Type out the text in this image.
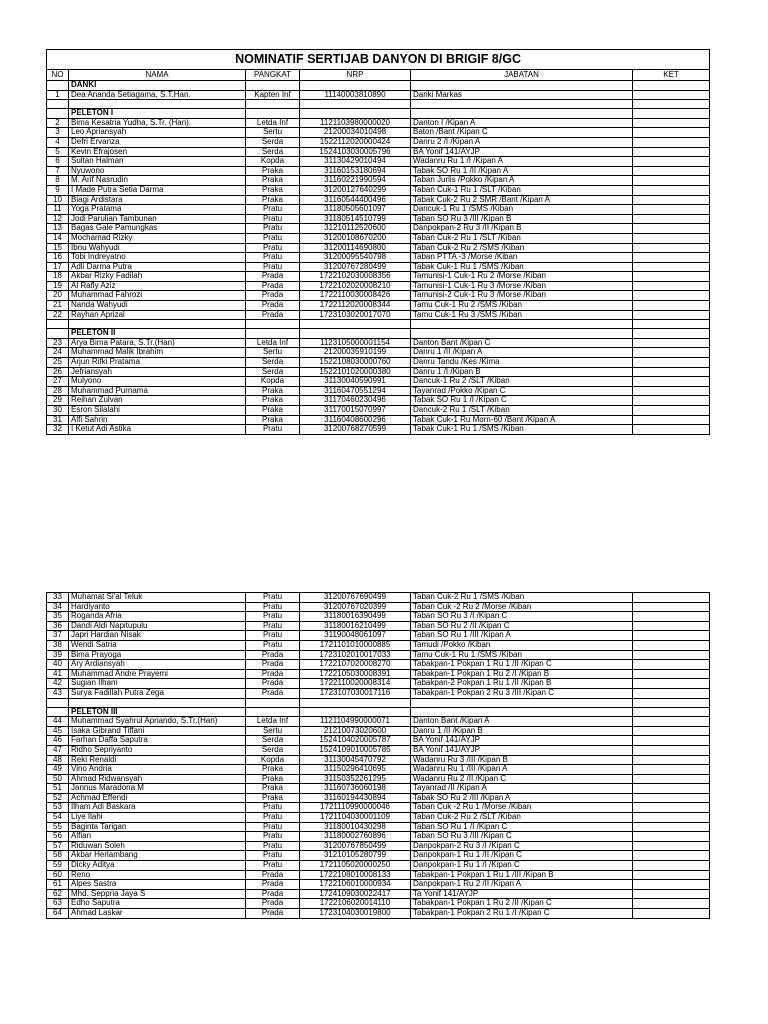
NOMINATIF SERTIJAB DANYON DI BRIGIF 8/GC					
NO	NAMA	PANGKAT	NRP	JABATAN	KET
	DANKI				
1	Dea Ananda Setiagama, S.T.Han.	Kapten Inf	11140003810890	Danki Markas	

	PELETON I				
2	Bima Kesatria Yudha, S.Tr. (Han).	Letda Inf	1121103980000020	Danton I /Kipan A	
3	Leo Apriansyah	Sertu	21200034010498	Baton /Bant /Kipan C	
4	Defri Ervanza	Serda	1522112020000424	Danru 2 /I /Kipan A	
5	Kevin Efrajosen	Serda	1524103030005796	BA Yonif 141/AYJP	
6	Sultan Halman	Kopda	31130429010494	Wadanru Ru 1 /I /Kipan A	
7	Nyuwono	Praka	31160153180694	Tabak SO Ru 1 /II /Kipan A	
8	M. Arif Nasrudin	Praka	31160221990594	Taban Jurlis /Pokko /Kipan A	
9	I Made Putra Setia Darma	Praka	31200127640299	Taban Cuk-1 Ru 1 /SLT /Kiban	
10	Biagi Ardistara	Praka	31160544400496	Tabak Cuk-2 Ru 2 SMR /Bant /Kipan A	
11	Yoga Pratama	Pratu	31180505601097	Dancuk-1 Ru 1 /SMS /Kiban	
12	Jodi Parulian Tambunan	Pratu	31180514510799	Taban SO Ru 3 /III /Kipan B	
13	Bagas Gale Pamungkas	Pratu	31210112520600	Danpokpan-2 Ru 3 /II /Kipan B	
14	Mochamad Rizky	Pratu	31200108670200	Taban Cuk-2 Ru 1 /SLT /Kiban	
15	Ibnu Wahyudi	Pratu	31200114690800	Taban Cuk-2 Ru 2 /SMS /Kiban	
16	Tobi Indreyatno	Pratu	31200095540798	Taban PTTA -3 /Morse /Kiban	
17	Adli Darma Putra	Pratu	31200767280499	Tabak Cuk-1 Ru 1 /SMS /Kiban	
18	Akbar Rizky Fadilah	Prada	1722102030008356	Tamunisi-1 Cuk-1 Ru 2 /Morse /Kiban	
19	Al Rafly Aziz	Prada	1722102020008210	Tamunisi-1 Cuk-1 Ru 3 /Morse /Kiban	
20	Muhammad Fahrozi	Prada	1722110030008426	Tamunisi-2 Cuk-1 Ru 3 /Morse /Kiban	
21	Nanda Wahyudi	Prada	1722112020008344	Tamu Cuk-1 Ru 2 /SMS /Kiban	
22	Rayhan Aprizal	Prada	1723103020017070	Tamu Cuk-1 Ru 3 /SMS /Kiban	

	PELETON II				
23	Arya Bima Patara, S.Tr.(Han)	Letda Inf	1123105000001154	Danton Bant /Kipan C	
24	Muhammad Malik Ibrahim	Sertu	21200035910199	Danru 1 /II /Kipan A	
25	Arjun Rifki Pratama	Serda	1522108030000760	Danru Tandu /Kes /Kima	
26	Jefriansyah	Serda	1522101020000380	Danru 1 /I /Kipan B	
27	Mulyono	Kopda	31130040590991	Dancuk-1 Ru 2 /SLT /Kiban	
28	Muhammad Purnama	Praka	31160470551294	Tayanrad /Pokko /Kipan C	
29	Reihan Zulvan	Praka	31170460230496	Tabak SO Ru 1 /I /Kipan C	
30	Esron Silalahi	Praka	31170015070997	Dancuk-2 Ru 1 /SLT /Kiban	
31	Alfi Sahrin	Praka	31160408600296	Tabak Cuk-1 Ru Morn-60 /Bant /Kipan A	
32	I Ketut Adi Astika	Pratu	31200768270599	Tabak Cuk-1 Ru 1 /SMS /Kiban	
33	Muhamat Si'al Teluk	Pratu	31200767690499	Taban Cuk-2 Ru 1 /SMS /Kiban	
34	Hardiyanto	Pratu	31200767020399	Taban Cuk -2 Ru 2 /Morse /Kiban	
35	Roganda Afria	Pratu	31180016390499	Taban SO Ru 3 /I /Kipan C	
36	Dandi Aldi Napitupulu	Pratu	31180016210499	Taban SO Ru 2 /II /Kipan C	
37	Japri Hardian Nisak	Pratu	31190048061097	Taban SO Ru 1 /III /Kipan A	
38	Wendi Satria	Pratu	1721101010000885	Tamudi /Pokko /Kiban	
39	Bima Prayoga	Prada	1723102010017033	Tamu Cuk-1 Ru 1 /SMS /Kiban	
40	Ary Ardiansyah	Prada	1722107020008270	Tabakpan-1 Pokpan 1 Ru 1 /II /Kipan C	
41	Muhammad Andre Prayemi	Prada	1722105030008391	Tabakpan-1 Pokpan 1 Ru 2 /I /Kipan B	
42	Sugian Ilham	Prada	1722110020008314	Tabakpan-2 Pokpan 1 Ru 1 /II /Kipan B	
43	Surya Fadillah Putra Zega	Prada	1723107030017116	Tabakpan-1 Pokpan 2 Ru 3 /III /Kipan C	

	PELETON III				
44	Muhammad Syahrul Apriando, S.Tr.(Han)	Letda Inf	1121104990000071	Danton Bant /Kipan A	
45	Isaka Gibrand Tiffani	Sertu	21210073020600	Danru 1 /II /Kipan B	
46	Farhan Daffa Saputra	Serda	1524104020005787	BA Yonif 141/AYJP	
47	Ridho Sepriyanto	Serda	1524109010005785	BA Yonif 141/AYJP	
48	Reki Renaldi	Kopda	31130045470792	Wadanru Ru 3 /III /Kipan B	
49	Vino Andria	Praka	31150296410695	Wadanru Ru 1 /III /Kipan A	
50	Ahmad Ridwansyah	Praka	31150352261295	Wadanru Ru 2 /II /Kipan C	
51	Jannus Maradona M	Praka	31160736060198	Tayanrad /II /Kipan A	
52	Achmad Effendi	Praka	31160194430894	Tabak SO Ru 2 /III /Kipan A	
53	Ilham Adi Baskara	Pratu	1721110990000046	Taban Cuk -2 Ru 1 /Morse /Kiban	
54	Liye Ilahi	Pratu	1721104030001109	Taban Cuk-2 Ru 2 /SLT /Kiban	
55	Baginta Tarigan	Pratu	31180010430298	Taban SO Ru 1 /I /Kipan C	
56	Alfian	Pratu	31180002760896	Taban SO Ru 3 /III /Kipan C	
57	Riduwan Soleh	Pratu	31200767850499	Danpokpan-2 Ru 3 /I /Kipan C	
58	Akbar Herlambang	Pratu	31210105280799	Danpokpan-1 Ru 1 /II /Kipan C	
59	Dicky Aditya	Pratu	1721105020000250	Danpokpan-1 Ru 1 /I /Kipan C	
60	Reno	Prada	1722108010008133	Tabakpan-1 Pokpan 1 Ru 1 /III /Kipan B	
61	Alpes Sastra	Prada	1722106010000934	Danpokpan-1 Ru 2 /II /Kipan A	
62	Mhd. Seppria Jaya S	Prada	1724109030022417	Ta Yonif 141/AYJP	
63	Edho Saputra	Prada	1722106020014110	Tabakpan-1 Pokpan 1 Ru 2 /II /Kipan C	
64	Ahmad Laskar	Prada	1723104030019800	Tabakpan-1 Pokpan 2 Ru 1 /I /Kipan C	
